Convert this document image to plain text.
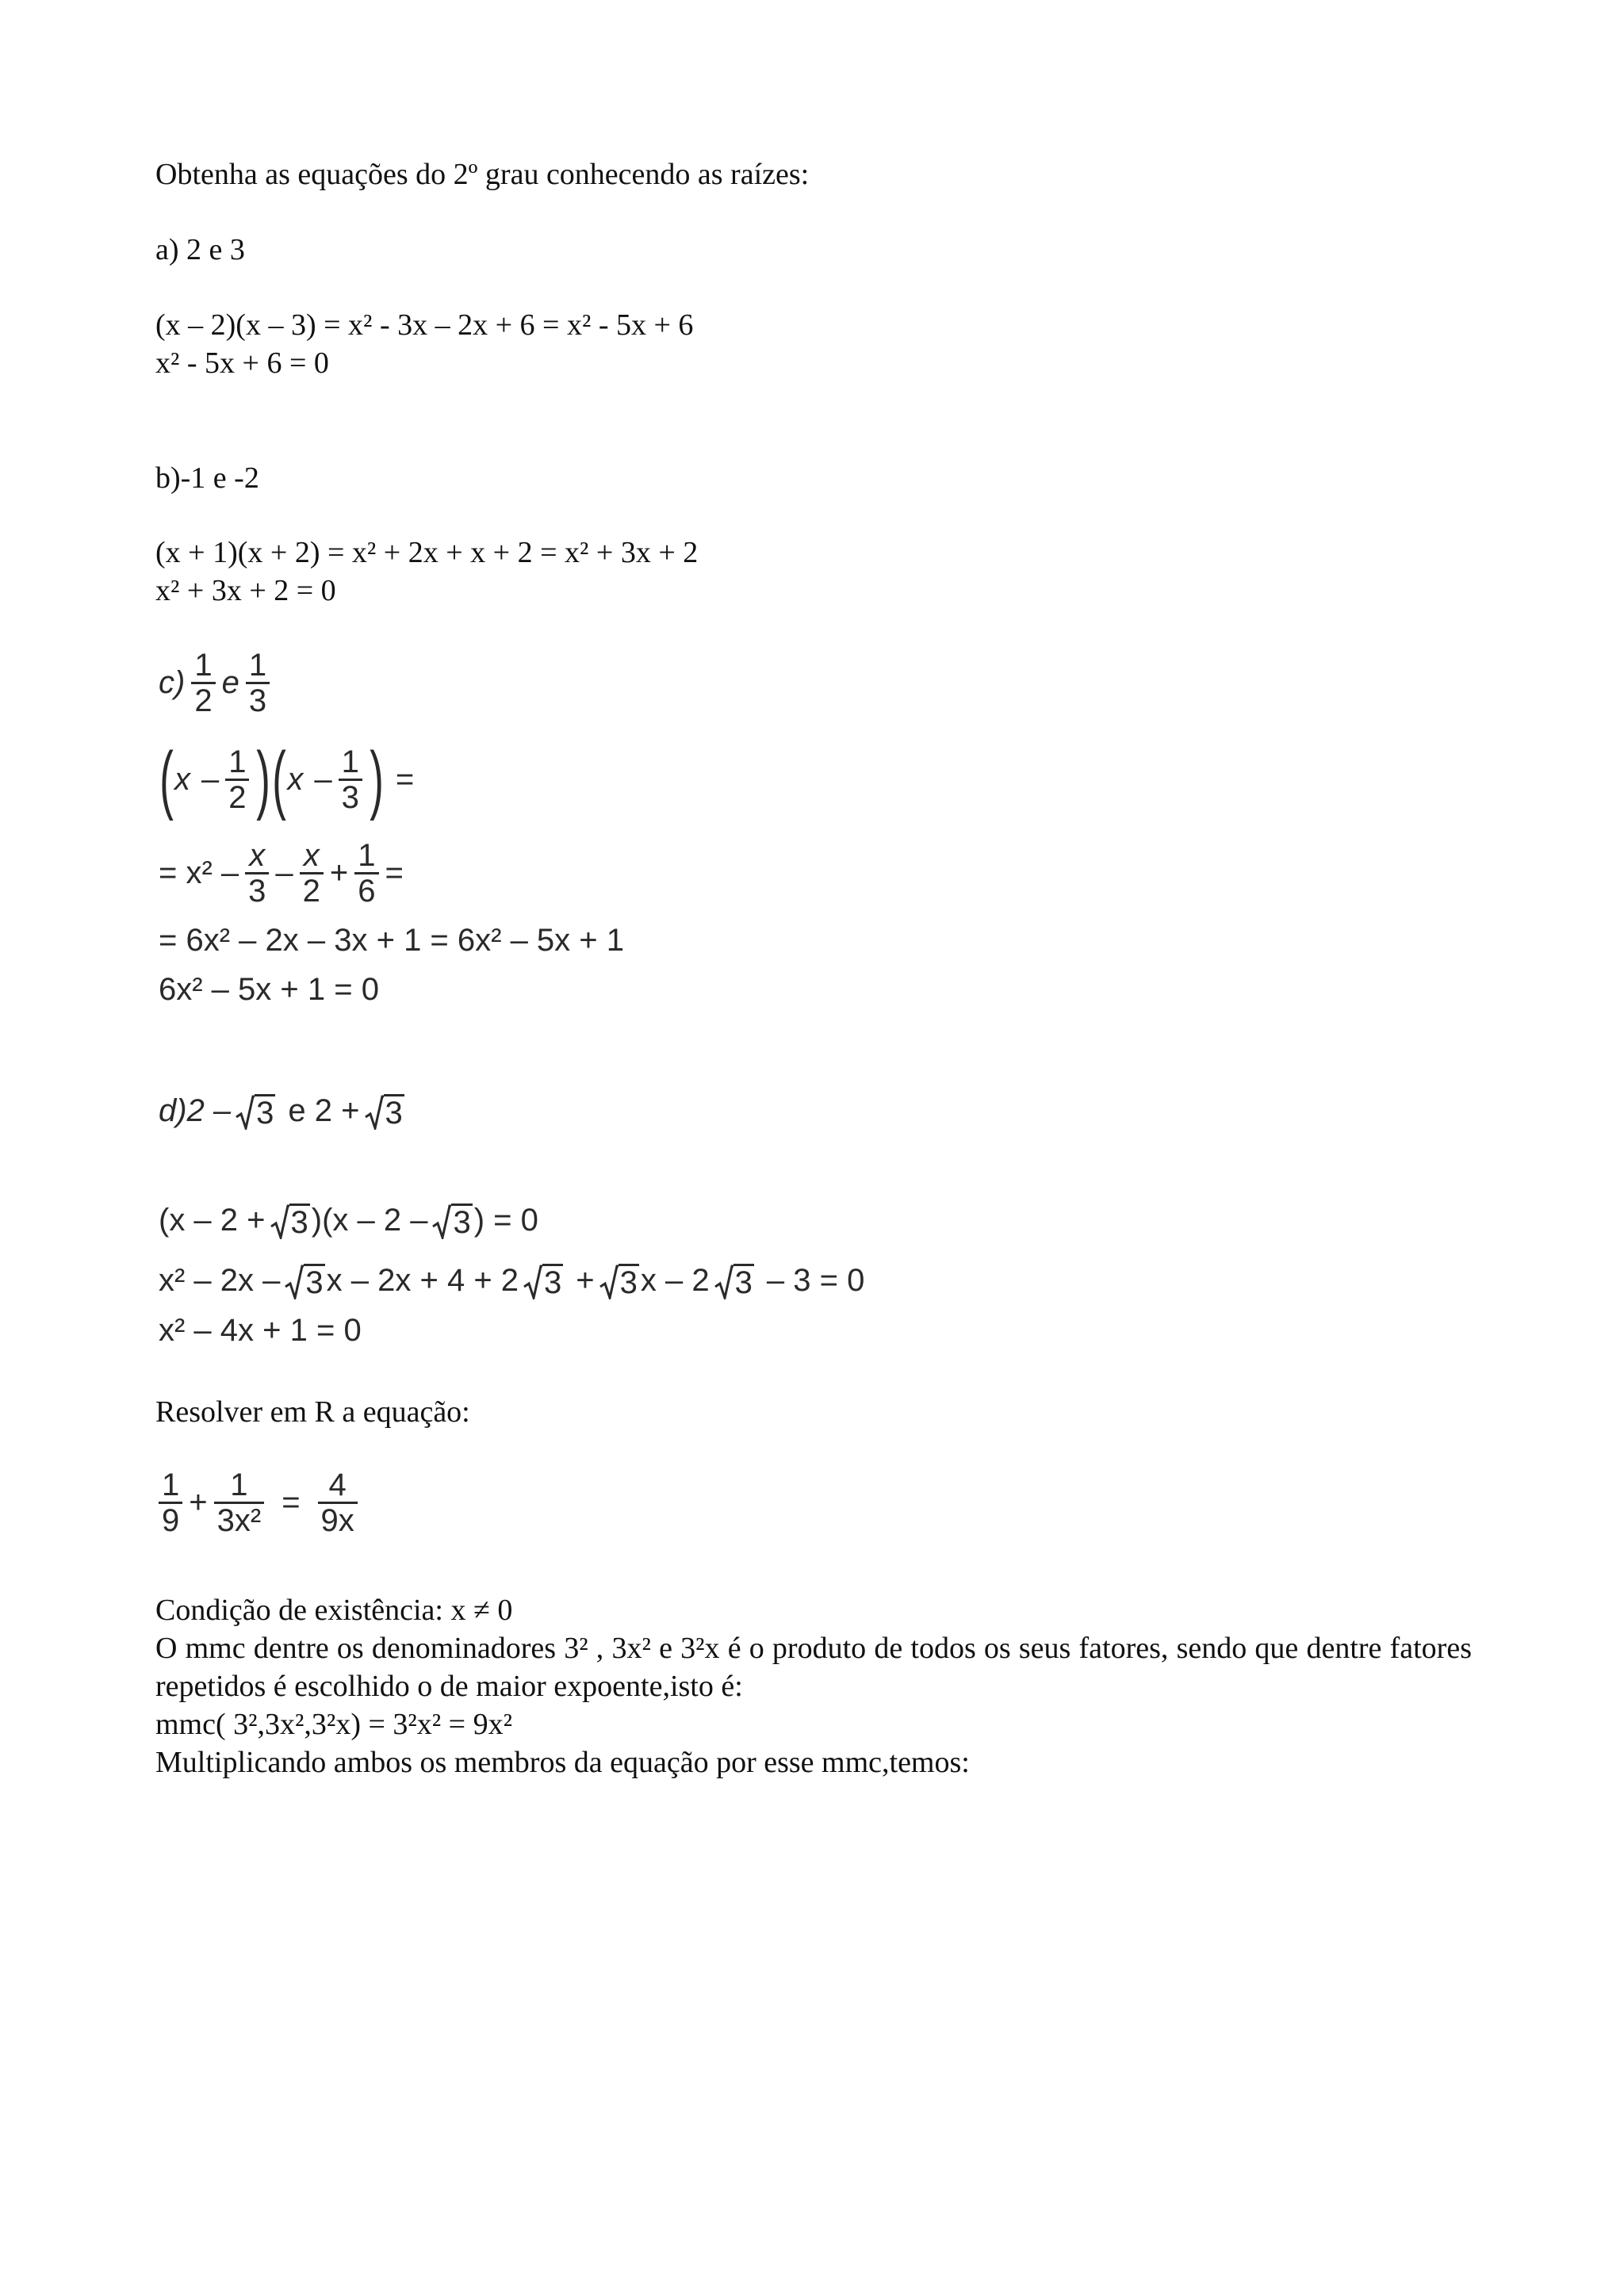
Obtenha as equações do 2º grau conhecendo as raízes:
a) 2 e 3
(x – 2)(x – 3) = x² - 3x – 2x + 6 = x² - 5x + 6
x² - 5x + 6 = 0
b)-1 e -2
(x + 1)(x + 2) = x² + 2x + x + 2 = x² + 3x + 2
x² + 3x + 2 = 0
$c) \frac{1}{2}$ e $\frac{1}{3}$
( x – $\frac{1}{2}$ ) ( x – $\frac{1}{3}$ ) =
= $x^2 - \frac{x}{3} - \frac{x}{2} + \frac{1}{6}$ =
= 6x² – 2x – 3x + 1 = 6x² – 5x + 1
6x² – 5x + 1 = 0
d)2 – 3 e 2 + 3
(x – 2 + 3 )(x – 2 – 3 ) = 0
x² – 2x – 3 x – 2x + 4 + 2 3 + 3 x – 2 3 – 3 = 0
x² – 4x + 1 = 0
Resolver em R a equação:
$\frac{1}{9} + \frac{1}{\text{3x²}} = \frac{4}{9x}$
Condição de existência: x ≠ 0
O mmc dentre os denominadores 3² , 3x² e 3²x é o produto de todos os seus fatores, sendo que dentre fatores repetidos é escolhido o de maior expoente,isto é:
mmc( 3²,3x²,3²x) = 3²x² = 9x²
Multiplicando ambos os membros da equação por esse mmc,temos:
